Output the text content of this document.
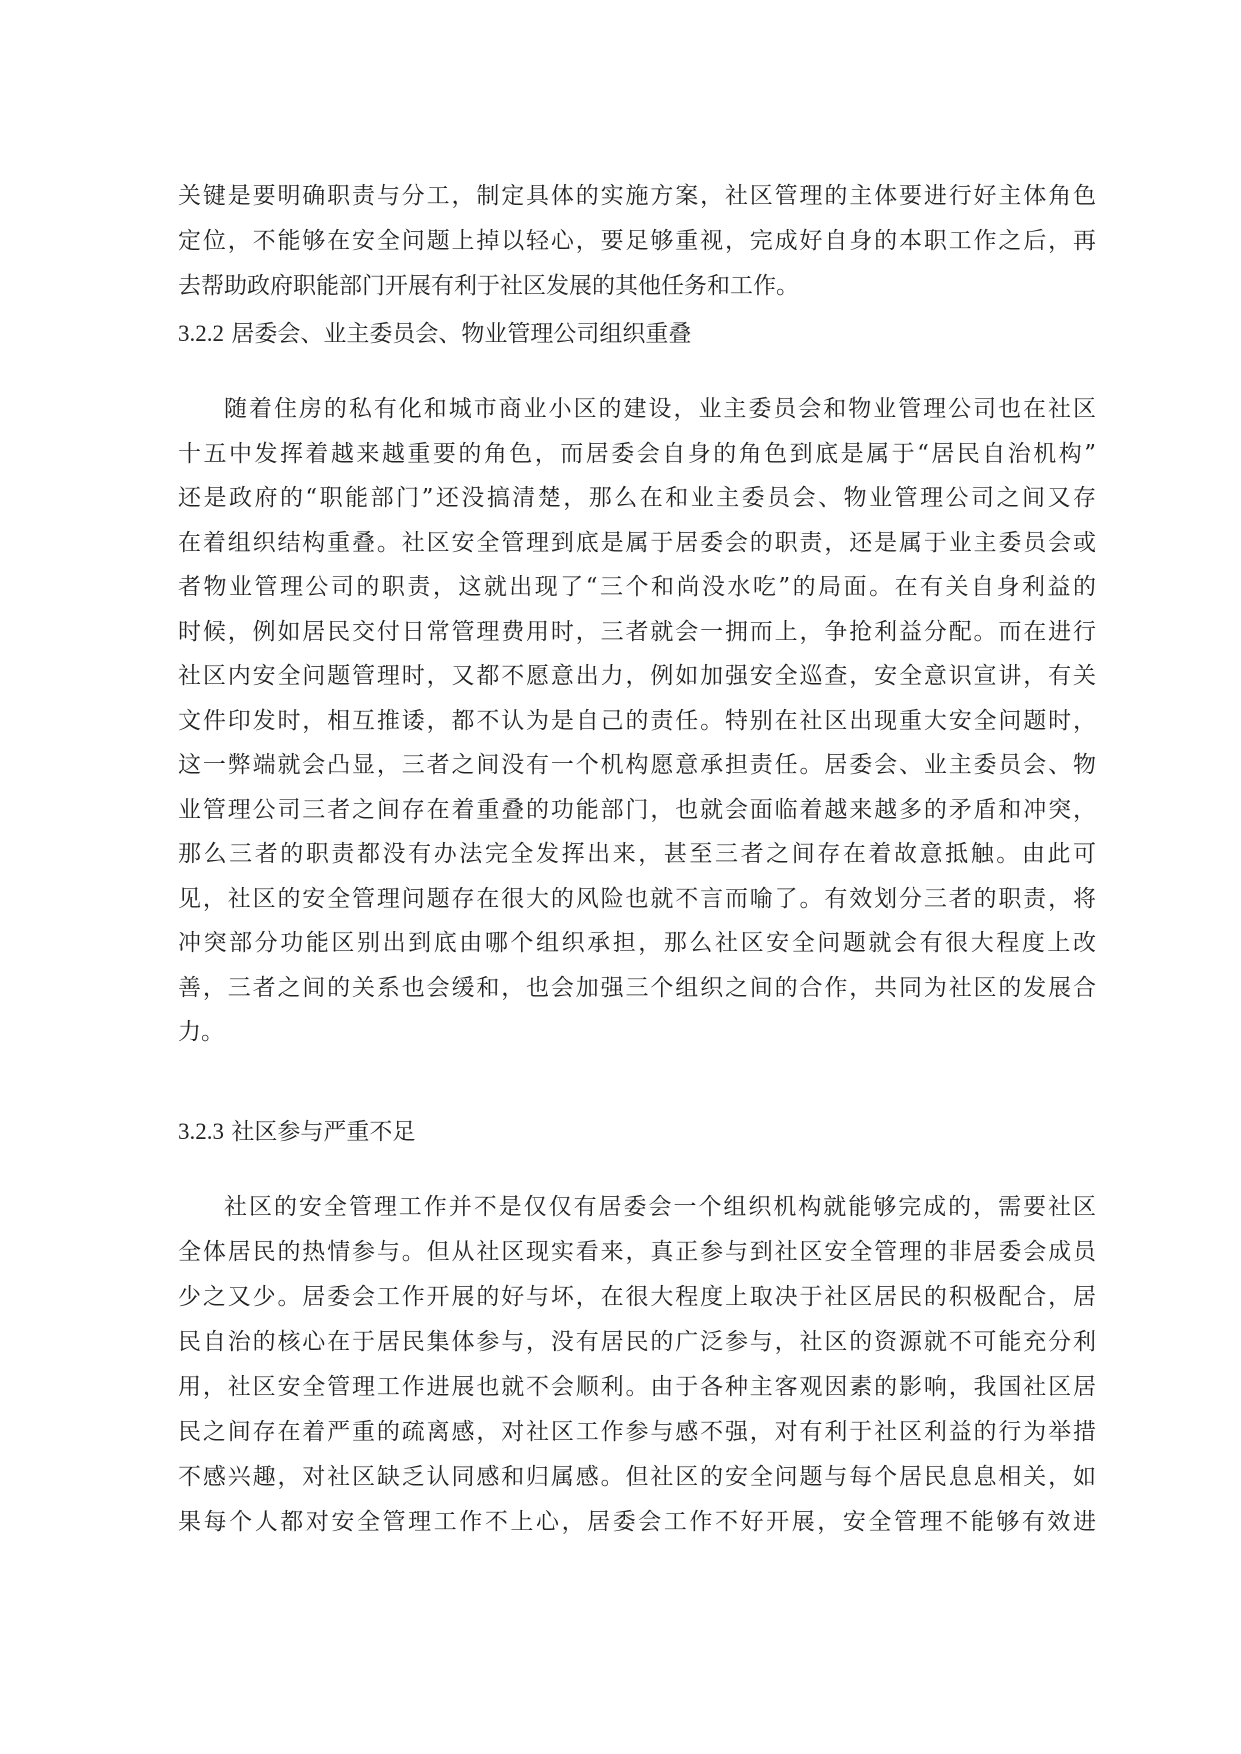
关键是要明确职责与分工，制定具体的实施方案，社区管理的主体要进行好主体角色
定位，不能够在安全问题上掉以轻心，要足够重视，完成好自身的本职工作之后，再
去帮助政府职能部门开展有利于社区发展的其他任务和工作。
3.2.2 居委会、业主委员会、物业管理公司组织重叠
随着住房的私有化和城市商业小区的建设，业主委员会和物业管理公司也在社区
十五中发挥着越来越重要的角色，而居委会自身的角色到底是属于“居民自治机构”
还是政府的“职能部门”还没搞清楚，那么在和业主委员会、物业管理公司之间又存
在着组织结构重叠。社区安全管理到底是属于居委会的职责，还是属于业主委员会或
者物业管理公司的职责，这就出现了“三个和尚没水吃”的局面。在有关自身利益的
时候，例如居民交付日常管理费用时，三者就会一拥而上，争抢利益分配。而在进行
社区内安全问题管理时，又都不愿意出力，例如加强安全巡查，安全意识宣讲，有关
文件印发时，相互推诿，都不认为是自己的责任。特别在社区出现重大安全问题时，
这一弊端就会凸显，三者之间没有一个机构愿意承担责任。居委会、业主委员会、物
业管理公司三者之间存在着重叠的功能部门，也就会面临着越来越多的矛盾和冲突，
那么三者的职责都没有办法完全发挥出来，甚至三者之间存在着故意抵触。由此可
见，社区的安全管理问题存在很大的风险也就不言而喻了。有效划分三者的职责，将
冲突部分功能区别出到底由哪个组织承担，那么社区安全问题就会有很大程度上改
善，三者之间的关系也会缓和，也会加强三个组织之间的合作，共同为社区的发展合
力。
3.2.3 社区参与严重不足
社区的安全管理工作并不是仅仅有居委会一个组织机构就能够完成的，需要社区
全体居民的热情参与。但从社区现实看来，真正参与到社区安全管理的非居委会成员
少之又少。居委会工作开展的好与坏，在很大程度上取决于社区居民的积极配合，居
民自治的核心在于居民集体参与，没有居民的广泛参与，社区的资源就不可能充分利
用，社区安全管理工作进展也就不会顺利。由于各种主客观因素的影响，我国社区居
民之间存在着严重的疏离感，对社区工作参与感不强，对有利于社区利益的行为举措
不感兴趣，对社区缺乏认同感和归属感。但社区的安全问题与每个居民息息相关，如
果每个人都对安全管理工作不上心，居委会工作不好开展，安全管理不能够有效进
